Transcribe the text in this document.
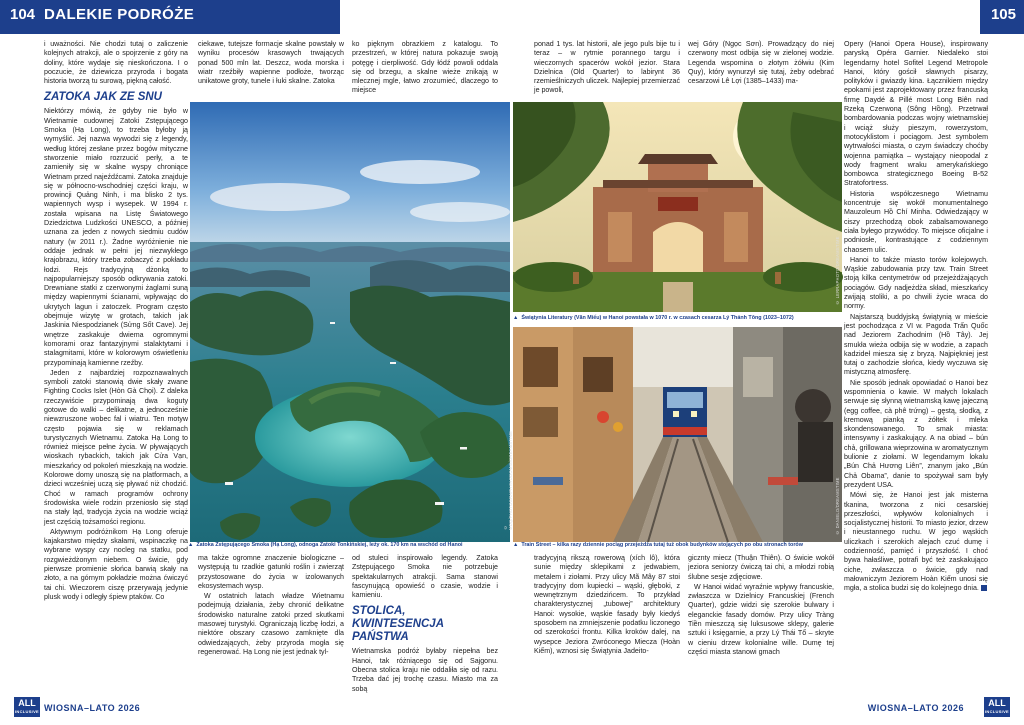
104 DALEKIE PODRÓŻE	105

i uważności. Nie chodzi tutaj o zaliczenie kolejnych atrakcji, ale o spojrzenie z góry na doliny, które wydaje się nieskończona. I o poczucie, że dziewicza przyroda i bogata historia tworzą tu surową, piękną całość.

ZATOKA JAK ZE SNU

Niektórzy mówią, że gdyby nie było w Wietnamie cudownej Zatoki Zstępującego Smoka (Hạ Long), to trzeba byłoby ją wymyślić. Jej nazwa wywodzi się z legendy, według której zesłane przez bogów mityczne stworzenie miało rozrzucić perły, a te zamieniły się w skalne wyspy chroniące Wietnam przed najeźdźcami. Zatoka znajduje się w północno-wschodniej części kraju, w prowincji Quảng Ninh, i ma blisko 2 tys. wapiennych wysp i wysepek. W 1994 r. została wpisana na Listę Światowego Dziedzictwa Ludzkości UNESCO, a później uznana za jeden z nowych siedmiu cudów natury (w 2011 r.). Żadne wyróżnienie nie oddaje jednak w pełni jej niezwykłego krajobrazu, który trzeba zobaczyć z pokładu łodzi. Rejs tradycyjną dżonką to najpopularniejszy sposób odkrywania zatoki. Drewniane statki z czerwonymi żaglami suną między wapiennymi ścianami, wpływając do ukrytych lagun i zatoczek. Program często obejmuje wizytę w grotach, takich jak Jaskinia Niespodzianek (Sửng Sốt Cave). Jej wnętrze zaskakuje dwiema ogromnymi komorami oraz fantazyjnymi stalaktytami i stalagmitami, które w kolorowym oświetleniu przypominają kamienne rzeźby.

Jeden z najbardziej rozpoznawalnych symboli zatoki stanowią dwie skały zwane Fighting Cocks Islet (Hòn Gà Chọi). Z daleka rzeczywiście przypominają dwa koguty gotowe do walki – delikatne, a jednocześnie niewzruszone wobec fal i wiatru. Ten motyw często pojawia się w reklamach turystycznych Wietnamu. Zatoka Hạ Long to również miejsce pełne życia. W pływających wioskach rybackich, takich jak Cửa Vạn, mieszkańcy od pokoleń mieszkają na wodzie. Kolorowe domy unoszą się na platformach, a dzieci wcześniej uczą się pływać niż chodzić. Choć w ramach programów ochrony środowiska wiele rodzin przeniosło się stąd na stały ląd, tradycja życia na wodzie wciąż jest częścią tożsamości regionu.

Aktywnym podróżnikom Hạ Long oferuje kajakarstwo między skałami, wspinaczkę na wybrane wyspy czy nocleg na statku, pod rozgwieżdżonym niebem. O świcie, gdy pierwsze promienie słońca barwią skały na złoto, a na górnym pokładzie można ćwiczyć tai chi. Wieczorem ciszę przerywają jedynie plusk wody i odległy śpiew ptaków. Co

ciekawe, tutejsze formacje skalne powstały w wyniku procesów krasowych trwających ponad 500 mln lat. Deszcz, woda morska i wiatr rzeźbiły wapienne podłoże, tworząc unikatowe groty, tunele i łuki skalne. Zatoka

ko pięknym obrazkiem z katalogu. To przestrzeń, w której natura pokazuje swoją potęgę i cierpliwość. Gdy łódź powoli oddala się od brzegu, a skalne wieże znikają w mlecznej mgle, łatwo zrozumieć, dlaczego to miejsce

ponad 1 tys. lat historii, ale jego puls bije tu i teraz – w rytmie porannego targu i wieczornych spacerów wokół jezior. Stara Dzielnica (Old Quarter) to labirynt 36 rzemieślniczych uliczek. Najlepiej przemierzać je powoli,

wej Góry (Ngọc Sơn). Prowadzący do niej czerwony most odbija się w zielonej wodzie. Legenda wspomina o złotym żółwiu (Kim Quy), który wynurzył się tutaj, żeby odebrać cesarzowi Lê Lợi (1385–1433) ma-

Opery (Hanoi Opera House), inspirowany paryską Opéra Garnier. Niedaleko stoi legendarny hotel Sofitel Legend Metropole Hanoi, który gościł sławnych pisarzy, polityków i gwiazdy kina. Łącznikiem między epokami jest zaprojektowany przez francuską firmę Daydé & Pillé most Long Biên nad Rzeką Czerwoną (Sông Hồng). Przetrwał bombardowania podczas wojny wietnamskiej i wciąż służy pieszym, rowerzystom, motocyklistom i pociągom. Jest symbolem wytrwałości miasta, o czym świadczy choćby wojenna pamiątka – wystający nieopodal z wody fragment wraku amerykańskiego bombowca strategicznego Boeing B-52 Stratofortress.

Historia współczesnego Wietnamu koncentruje się wokół monumentalnego Mauzoleum Hồ Chí Minha. Odwiedzający w ciszy przechodzą obok zabalsamowanego ciała byłego przywódcy. To miejsce oficjalne i podniosłe, kontrastujące z codziennym chaosem ulic.

Hanoi to także miasto torów kolejowych. Wąskie zabudowania przy tzw. Train Street stoją kilka centymetrów od przejeżdżających pociągów. Gdy nadjeżdża skład, mieszkańcy zwijają stoliki, a po chwili życie wraca do normy.

Najstarszą buddyjską świątynią w mieście jest pochodząca z VI w. Pagoda Trấn Quốc nad Jeziorem Zachodnim (Hồ Tây). Jej smukła wieża odbija się w wodzie, a zapach kadzideł miesza się z bryzą. Najpiękniej jest tutaj o zachodzie słońca, kiedy wyczuwa się mistyczną atmosferę.

Nie sposób jednak opowiadać o Hanoi bez wspomnienia o kawie. W małych lokalach serwuje się słynną wietnamską kawę jajeczną (egg coffee, cà phê trứng) – gęstą, słodką, z kremową pianką z żółtek i mleka skondensowanego. To smak miasta: intensywny i zaskakujący. A na obiad – bún chả, grillowana wieprzowina w aromatycznym bulionie z ziołami. W legendarnym lokalu „Bún Chả Hương Liên”, znanym jako „Bún Chả Obama”, danie to spożywał sam były prezydent USA.

Mówi się, że Hanoi jest jak misterna tkanina, tworzona z nici cesarskiej przeszłości, wpływów kolonialnych i socjalistycznej historii. To miasto jezior, drzew i nieustannego ruchu. W jego wąskich uliczkach i szerokich alejach czuć dumę i codzienność, pamięć i przyszłość. I choć bywa hałaśliwe, potrafi być też zaskakująco ciche, zwłaszcza o świcie, gdy nad małowniczym Jeziorem Hoàn Kiếm unosi się mgła, a stolica budzi się do kolejnego dnia.

© MDQ/PHOTOGRAPHYHODOMIS/DREAMSTIME
▲ Zatoka Zstępującego Smoka (Hạ Long), odnoga Zatoki Tonkińskiej, leży ok. 170 km na wschód od Hanoi
© LERRAPHOTO/DREAMSTIME
▲ Świątynia Literatury (Văn Miếu) w Hanoi powstała w 1070 r. w czasach cesarza Lý Thánh Tông (1023–1072)
© DANIELO/DREAMSTIME
▲ Train Street – kilka razy dziennie pociąg przejeżdża tutaj tuż obok budynków stojących po obu stronach torów

ma także ogromne znaczenie biologiczne – występują tu rzadkie gatunki roślin i zwierząt przystosowane do życia w izolowanych ekosystemach wysp.

W ostatnich latach władze Wietnamu podejmują działania, żeby chronić delikatne środowisko naturalne zatoki przed skutkami masowej turystyki. Ograniczają liczbę łodzi, a niektóre obszary czasowo zamknięte dla odwiedzających, żeby przyroda mogła się regenerować. Hạ Long nie jest jednak tyl-

od stuleci inspirowało legendy. Zatoka Zstępującego Smoka nie potrzebuje spektakularnych atrakcji. Sama stanowi fascynującą opowieść o czasie, wodzie i kamieniu.

STOLICA, KWINTESENCJA PAŃSTWA

Wietnamska podróż byłaby niepełna bez Hanoi, tak różniącego się od Sajgonu. Obecna stolica kraju nie oddaliła się od razu. Trzeba dać jej trochę czasu. Miasto ma za sobą

tradycyjną rikszą rowerową (xích lô), która sunie między sklepikami z jedwabiem, metalem i ziołami. Przy ulicy Mã Mây 87 stoi tradycyjny dom kupiecki – wąski, głęboki, z wewnętrznym dziedzińcem. To przykład charakterystycznej „tubowej” architektury Hanoi: wysokie, wąskie fasady były kiedyś sposobem na zmniejszenie podatku liczonego od szerokości frontu. Kilka kroków dalej, na wysepce Jeziora Zwróconego Miecza (Hoàn Kiếm), wznosi się Świątynia Jadeito-

gicznty miecz (Thuận Thiên). O świcie wokół jeziora seniorzy ćwiczą tai chi, a młodzi robią ślubne sesje zdjęciowe.

W Hanoi widać wyraźnie wpływy francuskie, zwłaszcza w Dzielnicy Francuskiej (French Quarter), gdzie widzi się szerokie bulwary i eleganckie fasady domów. Przy ulicy Tràng Tiền mieszczą się luksusowe sklepy, galerie sztuki i księgarnie, a przy Lý Thái Tổ – skryte w cieniu drzew kolonialne wille. Dumę tej części miasta stanowi gmach

ALL
INCLUSIVE WIOSNA–LATO 2026	WIOSNA–LATO 2026	ALL
INCLUSIVE
